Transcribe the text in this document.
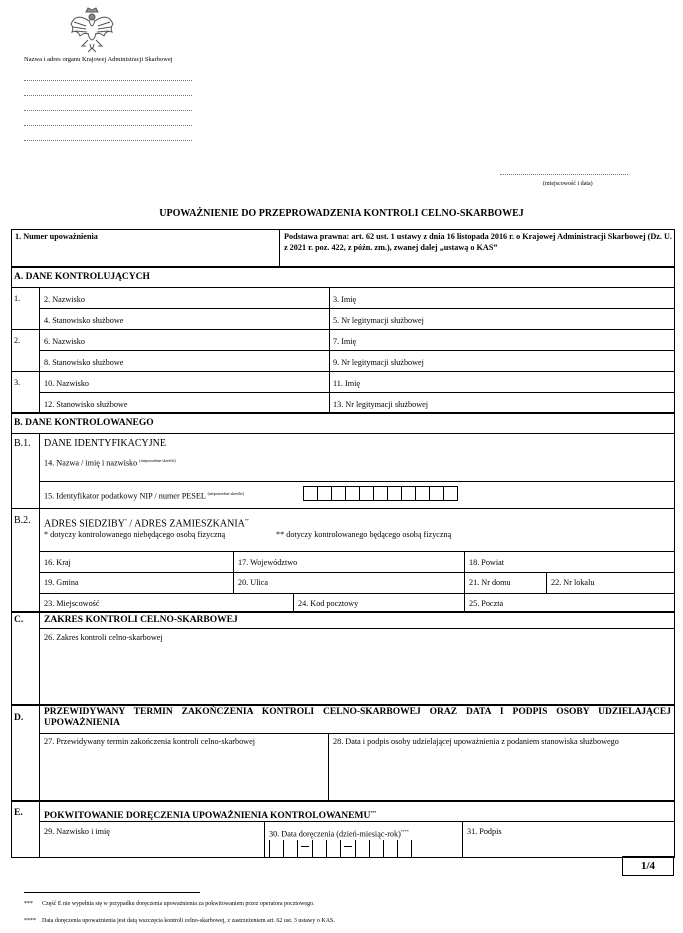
Nazwa i adres organu Krajowej Administracji Skarbowej
(miejscowość i data)
UPOWAŻNIENIE DO PRZEPROWADZENIA KONTROLI CELNO-SKARBOWEJ
1. Numer upoważnienia	Podstawa prawna: art. 62 ust. 1 ustawy z dnia 16 listopada 2016 r. o Krajowej Administracji Skarbowej (Dz. U. z 2021 r. poz. 422, z późn. zm.), zwanej dalej „ustawą o KAS”
A. DANE KONTROLUJĄCYCH
1.	2. Nazwisko	3. Imię
4. Stanowisko służbowe	5. Nr legitymacji służbowej
2.	6. Nazwisko	7. Imię
8. Stanowisko służbowe	9. Nr legitymacji służbowej
3.	10. Nazwisko	11. Imię
12. Stanowisko służbowe	13. Nr legitymacji służbowej
B. DANE KONTROLOWANEGO
B.1. DANE IDENTYFIKACYJNE
14. Nazwa / imię i nazwisko $^{(niepotrzebne skreślić)}$
15. Identyfikator podatkowy NIP / numer PESEL $^{(niepotrzebne skreślić)}$
B.2. ADRES SIEDZIBY* / ADRES ZAMIESZKANIA**
* dotyczy kontrolowanego niebędącego osobą fizyczną	** dotyczy kontrolowanego będącego osobą fizyczną
16. Kraj	17. Województwo	18. Powiat
19. Gmina	20. Ulica	21. Nr domu	22. Nr lokalu
23. Miejscowość	24. Kod pocztowy	25. Poczta
C. ZAKRES KONTROLI CELNO-SKARBOWEJ
26. Zakres kontroli celno-skarbowej
D.
PRZEWIDYWANY TERMIN ZAKOŃCZENIA KONTROLI CELNO-SKARBOWEJ ORAZ DATA I PODPIS OSOBY UDZIELAJĄCEJ UPOWAŻNIENIA
27. Przewidywany termin zakończenia kontroli celno-skarbowej	28. Data i podpis osoby udzielającej upoważnienia z podaniem stanowiska służbowego
E. POKWITOWANIE DORĘCZENIA UPOWAŻNIENIA KONTROLOWANEMU***
29. Nazwisko i imię	30. Data doręczenia (dzień-miesiąc-rok)****	31. Podpis
1/4
*** Część E nie wypełnia się w przypadku doręczenia upoważnienia za pokwitowaniem przez operatora pocztowego.
**** Data doręczenia upoważnienia jest datą wszczęcia kontroli celno-skarbowej, z zastrzeżeniem art. 62 ust. 3 ustawy o KAS.
